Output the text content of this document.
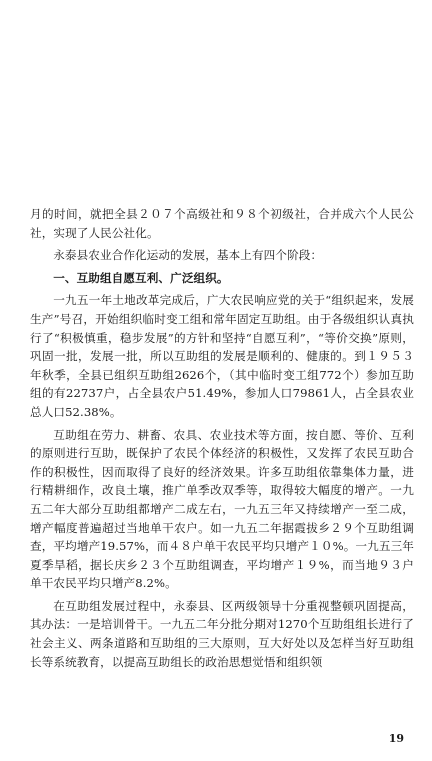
月的时间，就把全县２０７个高级社和９８个初级社，合并成六个人民公社，实现了人民公社化。

永泰县农业合作化运动的发展，基本上有四个阶段：

一、互助组自愿互利、广泛组织。

一九五一年土地改革完成后，广大农民响应党的关于“组织起来，发展生产”号召，开始组织临时变工组和常年固定互助组。由于各级组织认真执行了“积极慎重，稳步发展”的方针和坚持“自愿互利”，“等价交换”原则，巩固一批，发展一批，所以互助组的发展是顺利的、健康的。到１９５３年秋季，全县已组织互助组2626个，（其中临时变工组772个）参加互助组的有22737户，占全县农户51.49%，参加人口79861人，占全县农业总人口52.38%。

互助组在劳力、耕畜、农具、农业技术等方面，按自愿、等价、互利的原则进行互助，既保护了农民个体经济的积极性，又发挥了农民互助合作的积极性，因而取得了良好的经济效果。许多互助组依靠集体力量，进行精耕细作，改良土壤，推广单季改双季等，取得较大幅度的增产。一九五二年大部分互助组都增产二成左右，一九五三年又持续增产一至二成，增产幅度普遍超过当地单干农户。如一九五二年据霞拔乡２９个互助组调查，平均增产19.57%，而４８户单干农民平均只增产１０%。一九五三年夏季旱稻，据长庆乡２３个互助组调查，平均增产１９%，而当地９３户单干农民平均只增产8.2%。

在互助组发展过程中，永泰县、区两级领导十分重视整顿巩固提高，其办法：一是培训骨干。一九五二年分批分期对1270个互助组组长进行了社会主义、两条道路和互助组的三大原则，互大好处以及怎样当好互助组长等系统教育，以提高互助组长的政治思想觉悟和组织领

19
